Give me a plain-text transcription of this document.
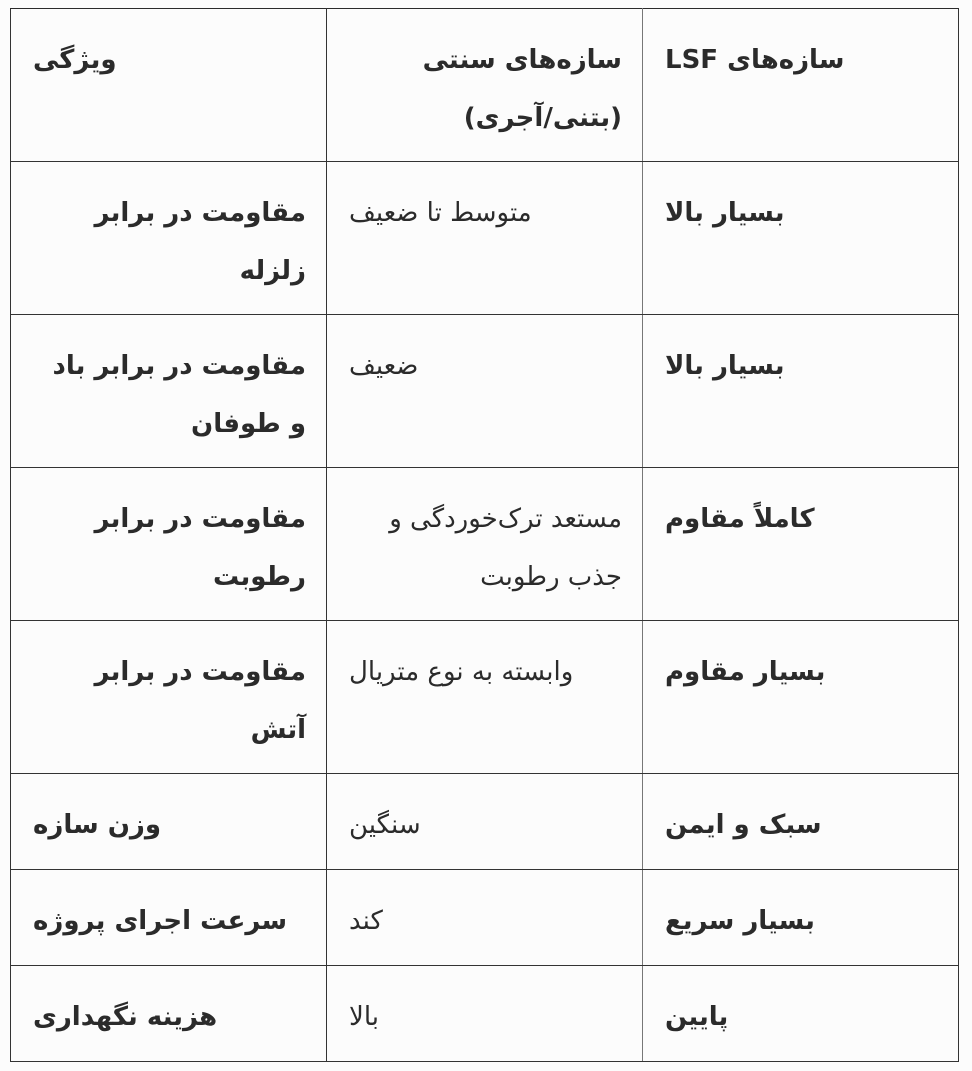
ویژگی	سازه‌های سنتی (بتنی/آجری)	سازه‌های LSF
مقاومت در برابر زلزله	متوسط تا ضعیف	بسیار بالا
مقاومت در برابر باد و طوفان	ضعیف	بسیار بالا
مقاومت در برابر رطوبت	مستعد ترک‌خوردگی و جذب رطوبت	کاملاً مقاوم
مقاومت در برابر آتش	وابسته به نوع متریال	بسیار مقاوم
وزن سازه	سنگین	سبک و ایمن
سرعت اجرای پروژه	کند	بسیار سریع
هزینه نگهداری	بالا	پایین
